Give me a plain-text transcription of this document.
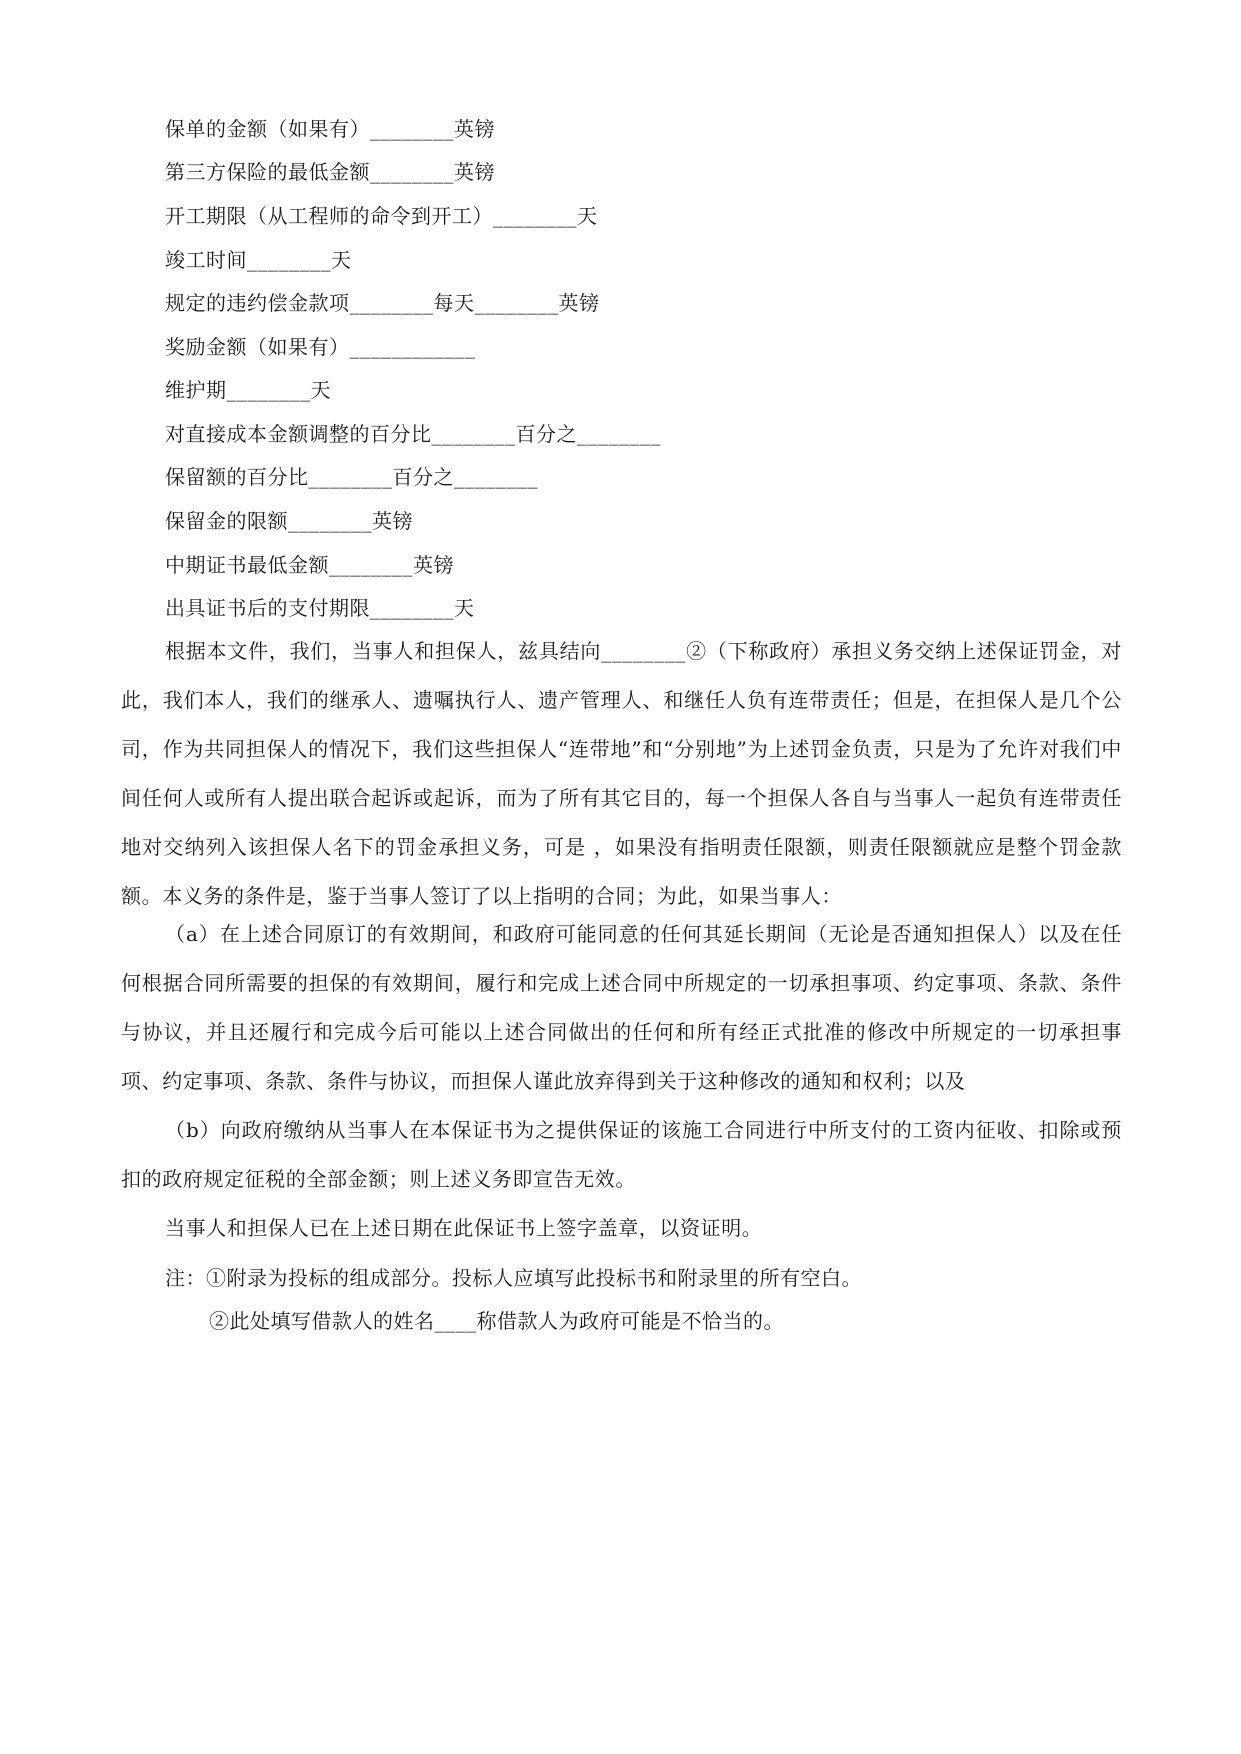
保单的金额（如果有）________英镑
第三方保险的最低金额________英镑
开工期限（从工程师的命令到开工）________天
竣工时间________天
规定的违约偿金款项________每天________英镑
奖励金额（如果有）____________
维护期________天
对直接成本金额调整的百分比________百分之________
保留额的百分比________百分之________
保留金的限额________英镑
中期证书最低金额________英镑
出具证书后的支付期限________天
根据本文件，我们，当事人和担保人，兹具结向________②（下称政府）承担义务交纳上述保证罚金，对此，我们本人，我们的继承人、遗嘱执行人、遗产管理人、和继任人负有连带责任；但是，在担保人是几个公司，作为共同担保人的情况下，我们这些担保人“连带地”和“分别地”为上述罚金负责，只是为了允许对我们中间任何人或所有人提出联合起诉或起诉，而为了所有其它目的，每一个担保人各自与当事人一起负有连带责任地对交纳列入该担保人名下的罚金承担义务，可是 ，如果没有指明责任限额，则责任限额就应是整个罚金款额。本义务的条件是，鉴于当事人签订了以上指明的合同；为此，如果当事人：
（a）在上述合同原订的有效期间，和政府可能同意的任何其延长期间（无论是否通知担保人）以及在任何根据合同所需要的担保的有效期间，履行和完成上述合同中所规定的一切承担事项、约定事项、条款、条件与协议，并且还履行和完成今后可能以上述合同做出的任何和所有经正式批准的修改中所规定的一切承担事项、约定事项、条款、条件与协议，而担保人谨此放弃得到关于这种修改的通知和权利；以及
（b）向政府缴纳从当事人在本保证书为之提供保证的该施工合同进行中所支付的工资内征收、扣除或预扣的政府规定征税的全部金额；则上述义务即宣告无效。
当事人和担保人已在上述日期在此保证书上签字盖章，以资证明。
注：①附录为投标的组成部分。投标人应填写此投标书和附录里的所有空白。
②此处填写借款人的姓名____称借款人为政府可能是不恰当的。
